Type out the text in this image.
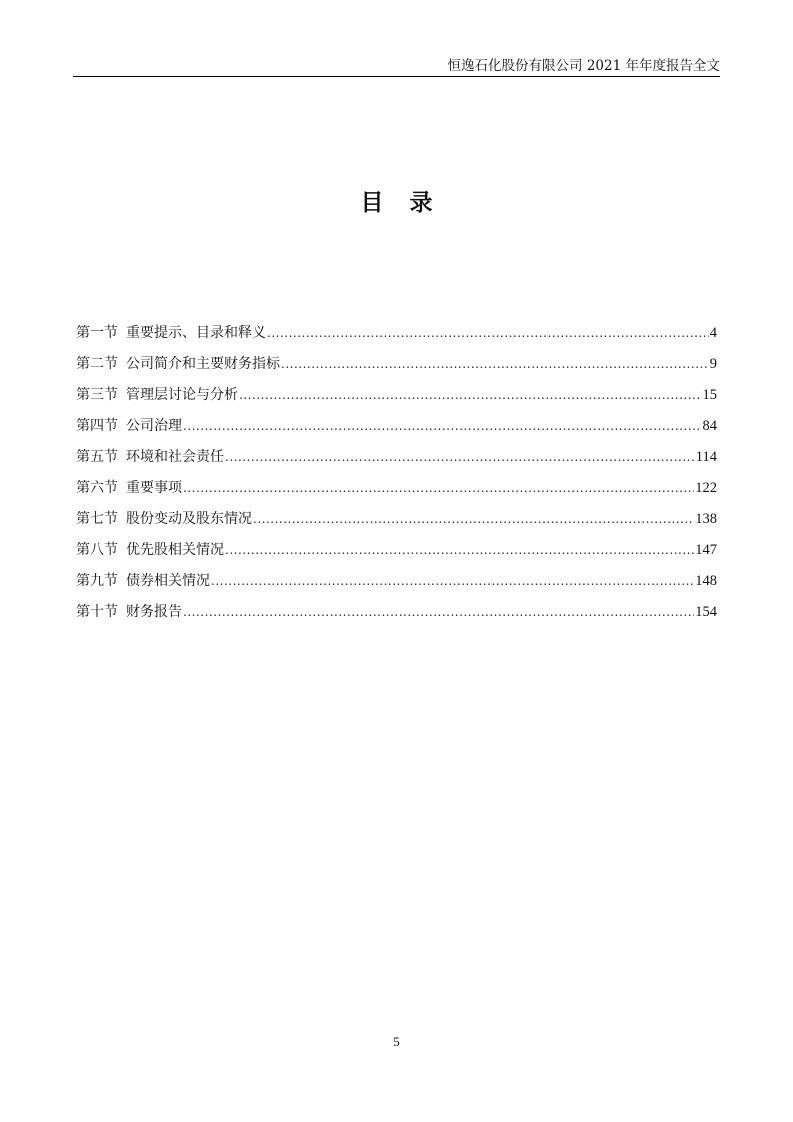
恒逸石化股份有限公司 2021 年年度报告全文
目录
第一节 重要提示、目录和释义 .....	4
第二节 公司简介和主要财务指标 .....	9
第三节 管理层讨论与分析 .....	15
第四节 公司治理 .....	84
第五节 环境和社会责任 .....	114
第六节 重要事项 .....	122
第七节 股份变动及股东情况 .....	138
第八节 优先股相关情况 .....	147
第九节 债券相关情况 .....	148
第十节 财务报告 .....	154
5
